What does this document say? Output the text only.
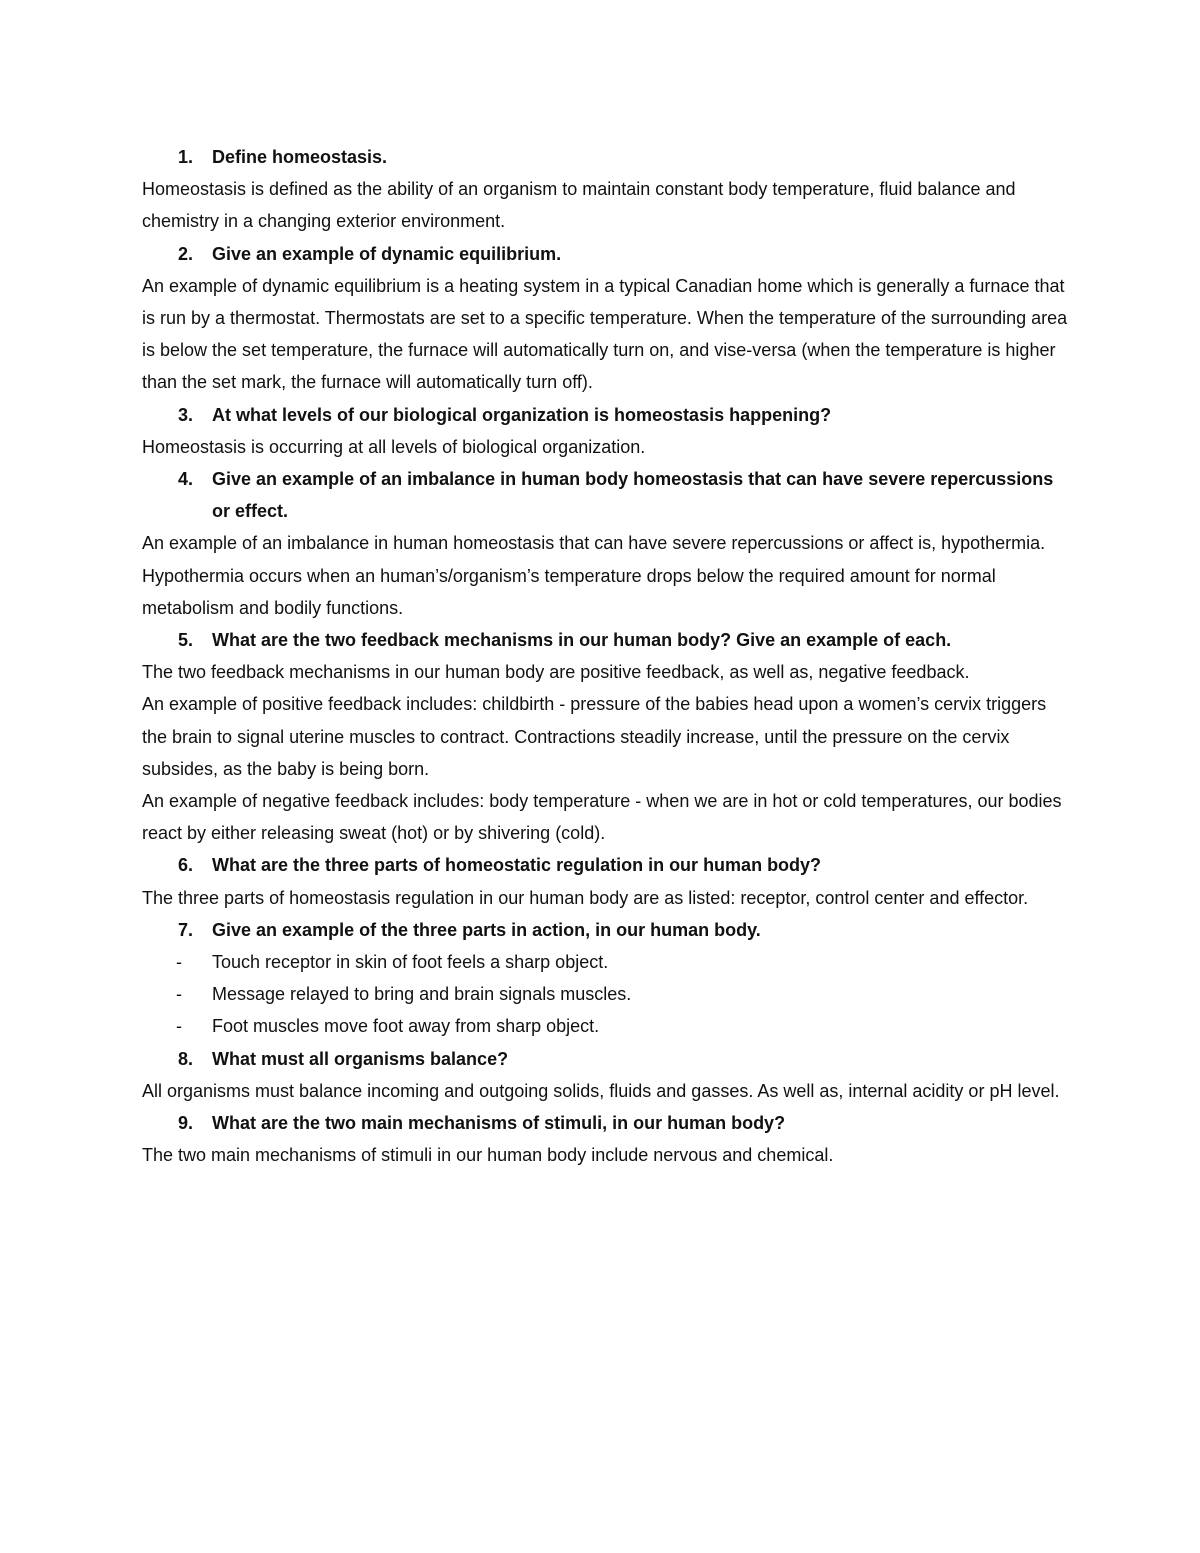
1.	Define homeostasis.

Homeostasis is defined as the ability of an organism to maintain constant body temperature, fluid balance and chemistry in a changing exterior environment.

2.	Give an example of dynamic equilibrium.

An example of dynamic equilibrium is a heating system in a typical Canadian home which is generally a furnace that is run by a thermostat. Thermostats are set to a specific temperature. When the temperature of the surrounding area is below the set temperature, the furnace will automatically turn on, and vise-versa (when the temperature is higher than the set mark, the furnace will automatically turn off).

3.	At what levels of our biological organization is homeostasis happening?

Homeostasis is occurring at all levels of biological organization.

4.	Give an example of an imbalance in human body homeostasis that can have severe repercussions or effect.

An example of an imbalance in human homeostasis that can have severe repercussions or affect is, hypothermia. Hypothermia occurs when an human’s/organism’s temperature drops below the required amount for normal metabolism and bodily functions.

5.	What are the two feedback mechanisms in our human body? Give an example of each.

The two feedback mechanisms in our human body are positive feedback, as well as, negative feedback.

An example of positive feedback includes: childbirth - pressure of the babies head upon a women’s cervix triggers the brain to signal uterine muscles to contract. Contractions steadily increase, until the pressure on the cervix subsides, as the baby is being born.

An example of negative feedback includes: body temperature - when we are in hot or cold temperatures, our bodies react by either releasing sweat (hot) or by shivering (cold).

6.	What are the three parts of homeostatic regulation in our human body?

The three parts of homeostasis regulation in our human body are as listed: receptor, control center and effector.

7.	Give an example of the three parts in action, in our human body.
-	Touch receptor in skin of foot feels a sharp object.
-	Message relayed to bring and brain signals muscles.
-	Foot muscles move foot away from sharp object.
8.	What must all organisms balance?

All organisms must balance incoming and outgoing solids, fluids and gasses. As well as, internal acidity or pH level.

9.	What are the two main mechanisms of stimuli, in our human body?

The two main mechanisms of stimuli in our human body include nervous and chemical.
